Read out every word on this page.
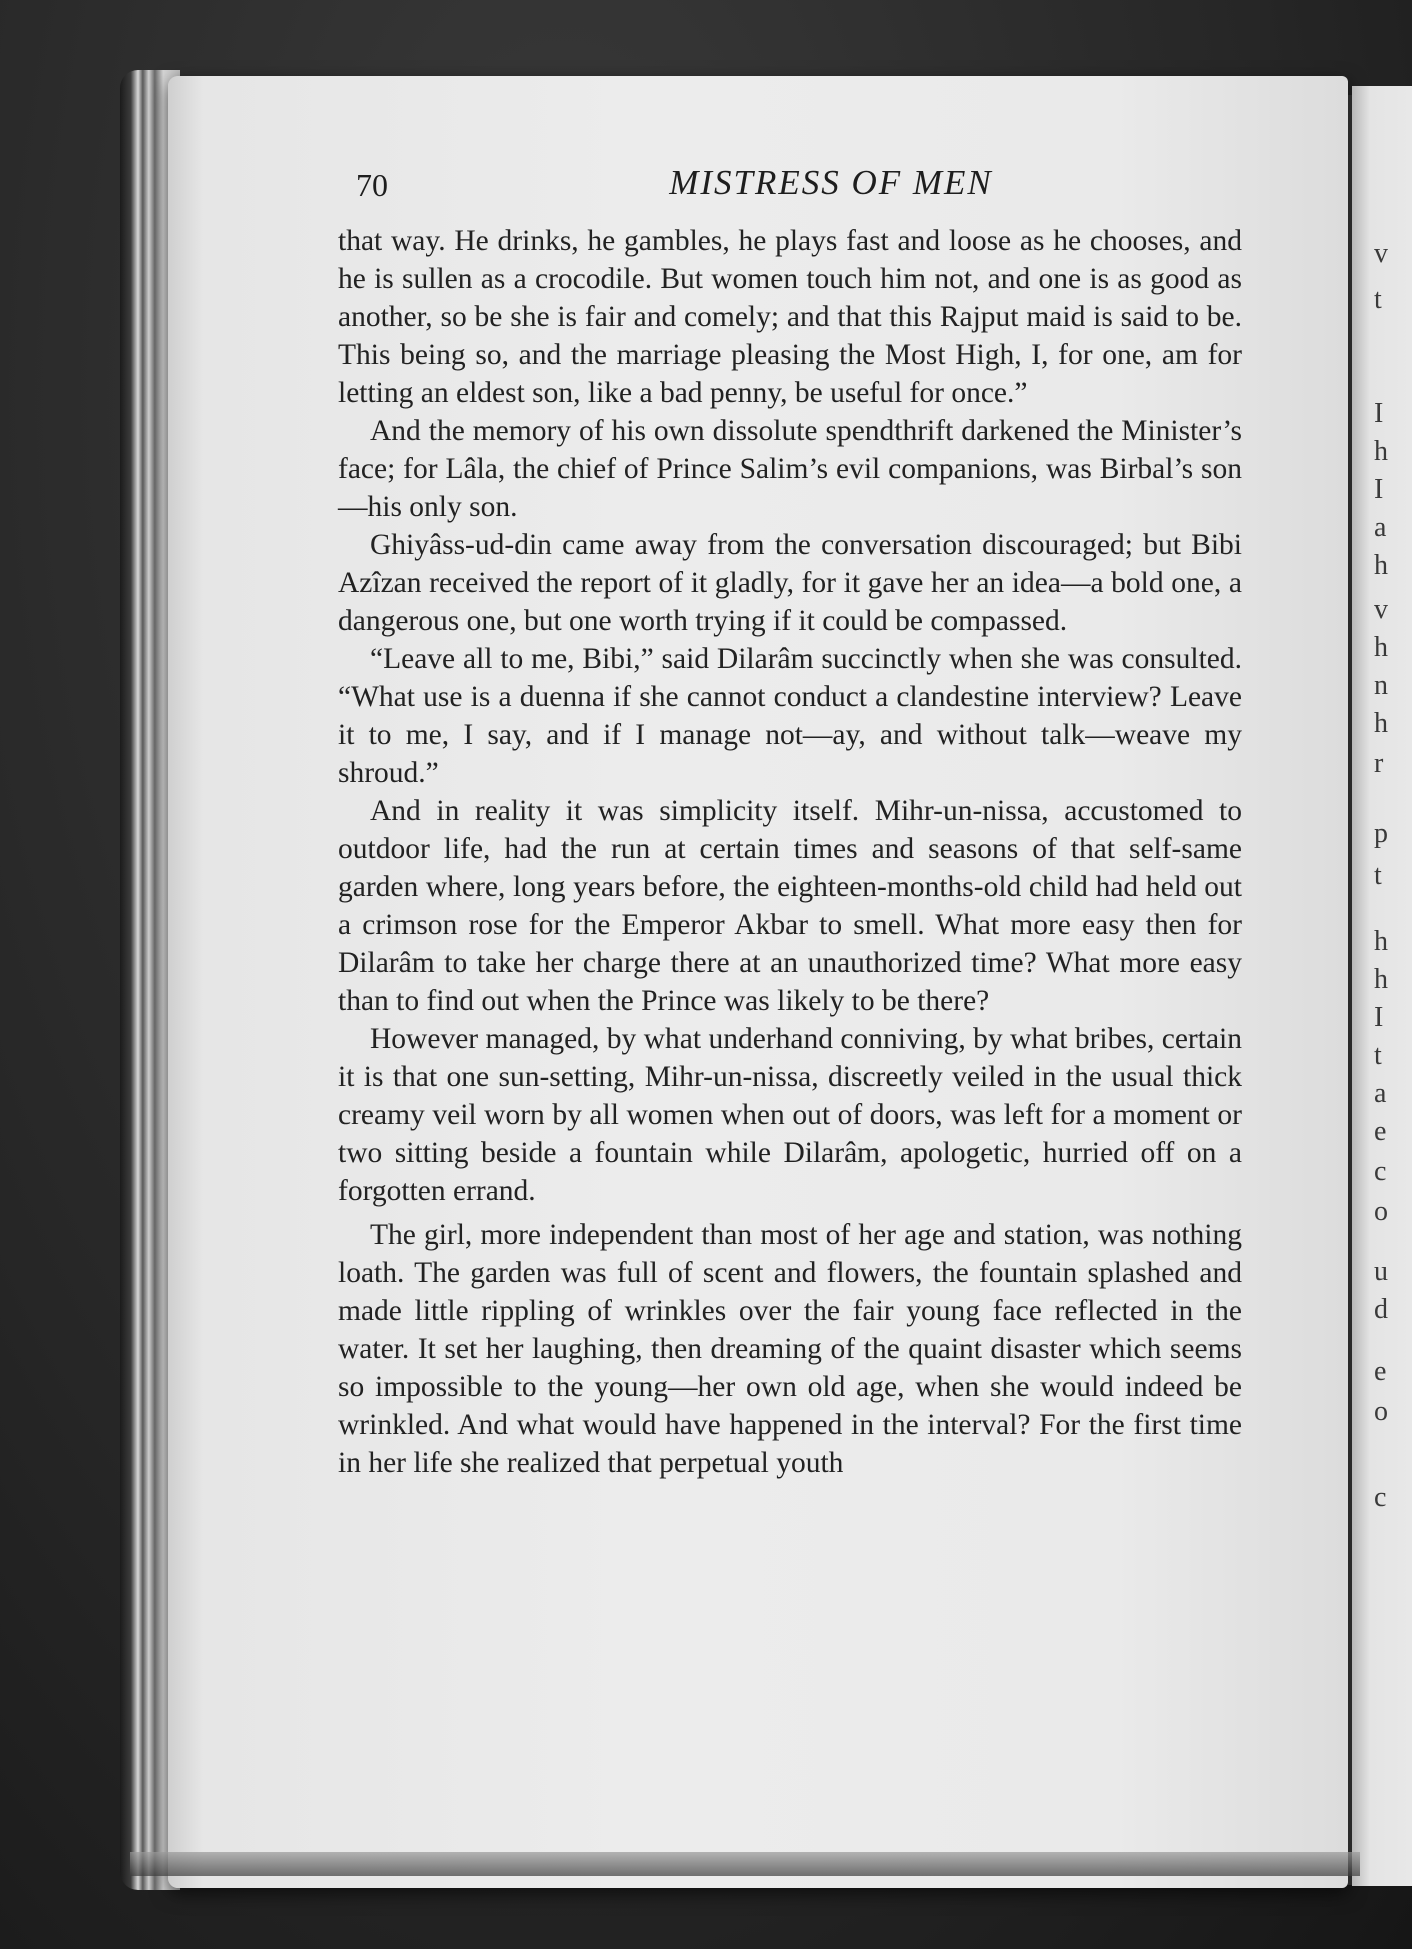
v
t
I
h
I
a
h
v
h
n
h
r
p
t
h
h
I
t
a
e
c
o
u
d
e
o
c
70	MISTRESS OF MEN

that way. He drinks, he gambles, he plays fast and loose as he chooses, and he is sullen as a crocodile. But women touch him not, and one is as good as another, so be she is fair and comely; and that this Rajput maid is said to be. This being so, and the marriage pleasing the Most High, I, for one, am for letting an eldest son, like a bad penny, be useful for once.”

And the memory of his own dissolute spendthrift darkened the Minister’s face; for Lâla, the chief of Prince Salim’s evil companions, was Birbal’s son—his only son.

Ghiyâss-ud-din came away from the conversation discouraged; but Bibi Azîzan received the report of it gladly, for it gave her an idea—a bold one, a dangerous one, but one worth trying if it could be compassed.

“Leave all to me, Bibi,” said Dilarâm succinctly when she was consulted. “What use is a duenna if she cannot conduct a clandestine interview? Leave it to me, I say, and if I manage not—ay, and without talk—weave my shroud.”

And in reality it was simplicity itself. Mihr-un-nissa, accustomed to outdoor life, had the run at certain times and seasons of that self-same garden where, long years before, the eighteen-months-old child had held out a crimson rose for the Emperor Akbar to smell. What more easy then for Dilarâm to take her charge there at an unauthorized time? What more easy than to find out when the Prince was likely to be there?

However managed, by what underhand conniving, by what bribes, certain it is that one sun-setting, Mihr-un-nissa, discreetly veiled in the usual thick creamy veil worn by all women when out of doors, was left for a moment or two sitting beside a fountain while Dilarâm, apologetic, hurried off on a forgotten errand.

The girl, more independent than most of her age and station, was nothing loath. The garden was full of scent and flowers, the fountain splashed and made little rippling of wrinkles over the fair young face reflected in the water. It set her laughing, then dreaming of the quaint disaster which seems so impossible to the young—her own old age, when she would indeed be wrinkled. And what would have happened in the interval? For the first time in her life she realized that perpetual youth
